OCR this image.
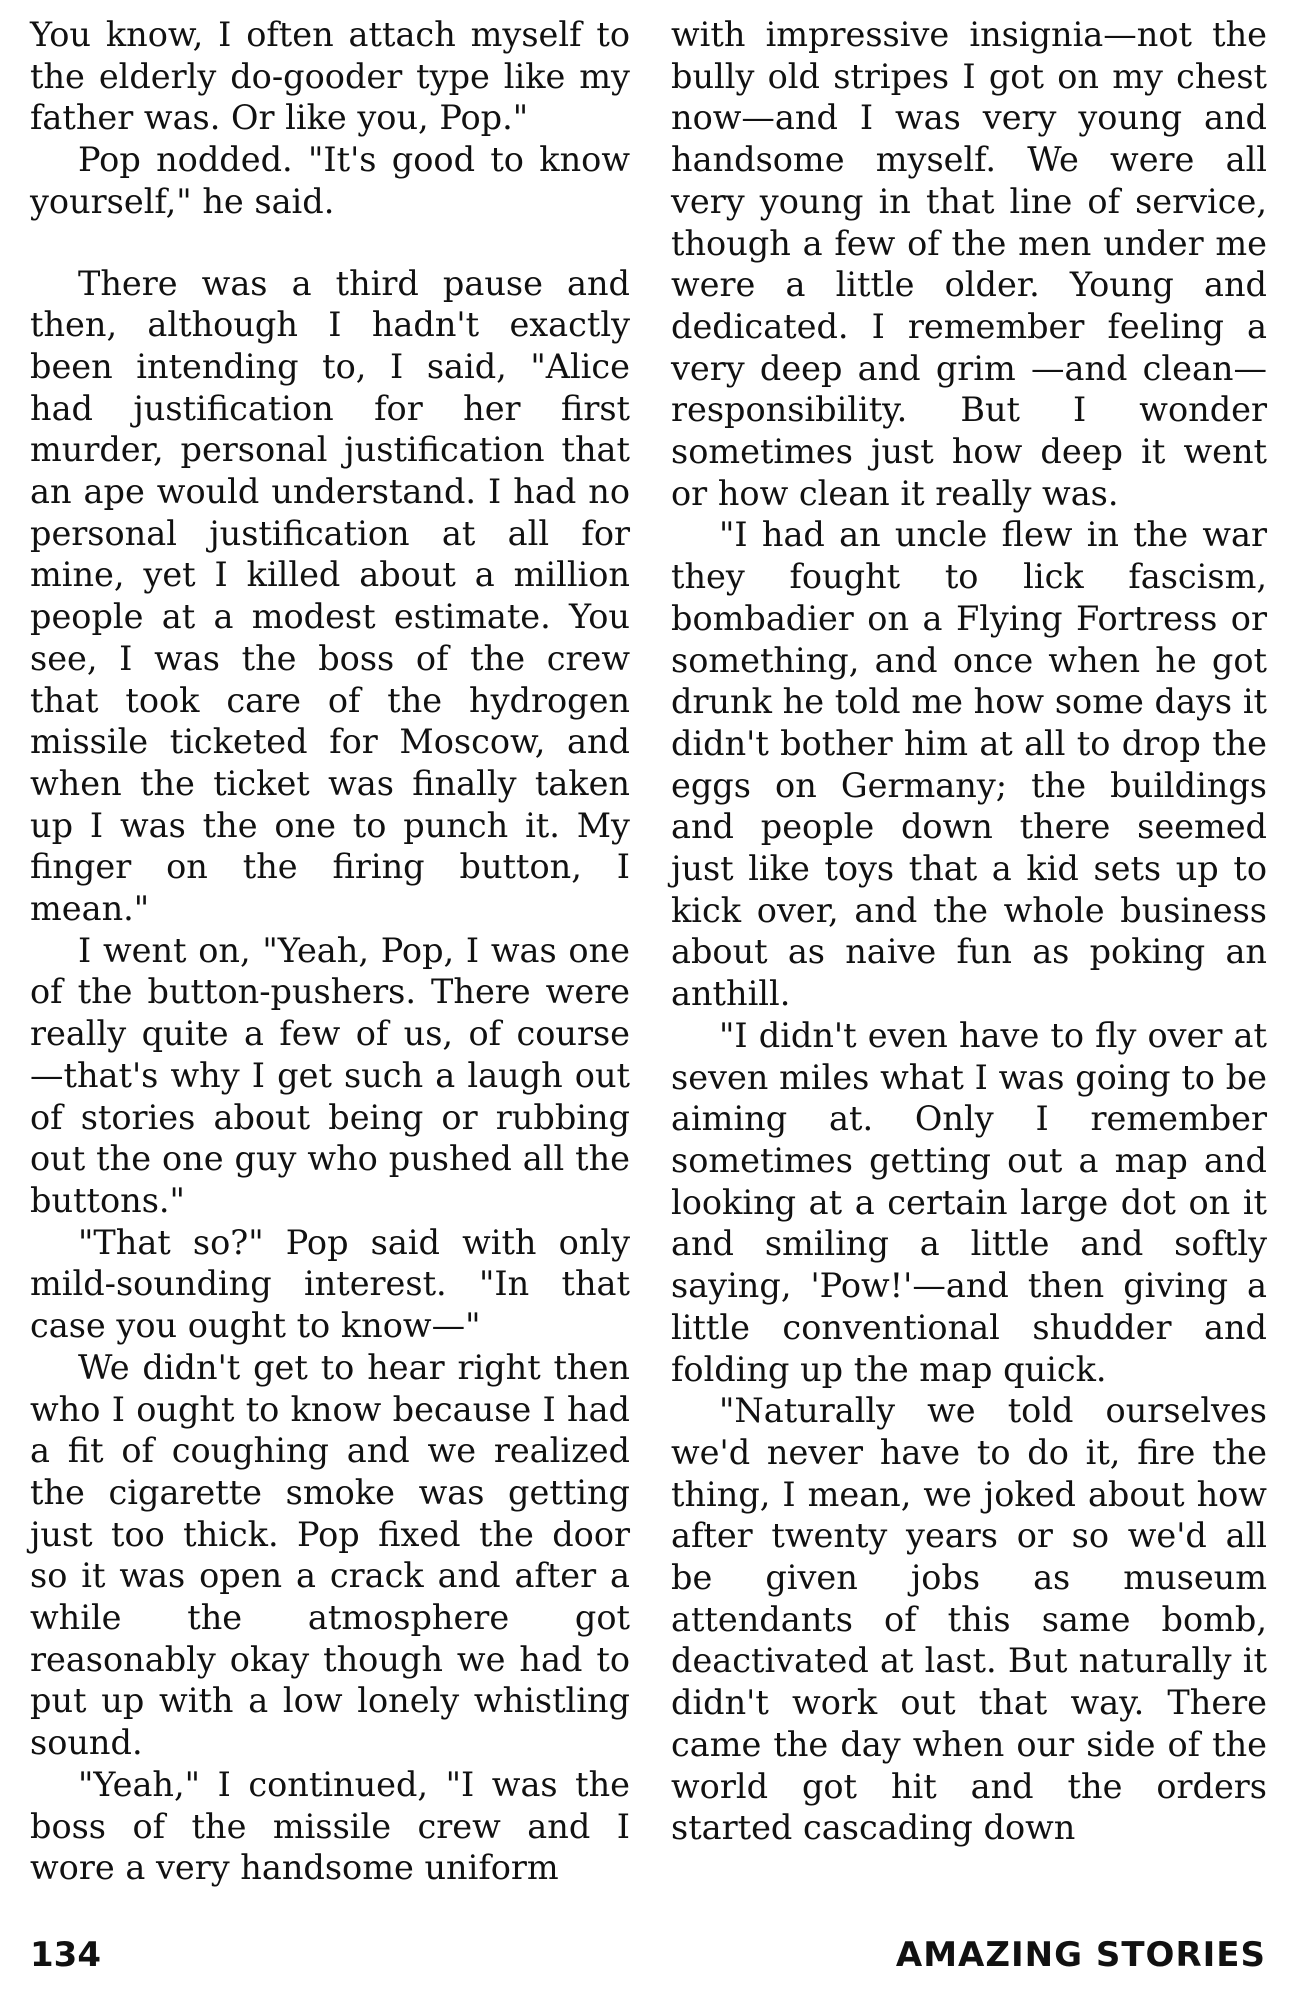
You know, I often attach myself to the elderly do-gooder type like my father was. Or like you, Pop."

Pop nodded. "It's good to know yourself," he said.

There was a third pause and then, although I hadn't exactly been intending to, I said, "Alice had justification for her first murder, personal justification that an ape would understand. I had no personal justification at all for mine, yet I killed about a million people at a modest estimate. You see, I was the boss of the crew that took care of the hydrogen missile ticketed for Moscow, and when the ticket was finally taken up I was the one to punch it. My finger on the firing button, I mean."

I went on, "Yeah, Pop, I was one of the button-pushers. There were really quite a few of us, of course—that's why I get such a laugh out of stories about being or rubbing out the one guy who pushed all the buttons."

"That so?" Pop said with only mild-sounding interest. "In that case you ought to know—"

We didn't get to hear right then who I ought to know because I had a fit of coughing and we realized the cigarette smoke was getting just too thick. Pop fixed the door so it was open a crack and after a while the atmosphere got reasonably okay though we had to put up with a low lonely whistling sound.

"Yeah," I continued, "I was the boss of the missile crew and I wore a very handsome uniform

with impressive insignia—not the bully old stripes I got on my chest now—and I was very young and handsome myself. We were all very young in that line of service, though a few of the men under me were a little older. Young and dedicated. I remember feeling a very deep and grim —and clean—responsibility. But I wonder sometimes just how deep it went or how clean it really was.

"I had an uncle flew in the war they fought to lick fascism, bombadier on a Flying Fortress or something, and once when he got drunk he told me how some days it didn't bother him at all to drop the eggs on Germany; the buildings and people down there seemed just like toys that a kid sets up to kick over, and the whole business about as naive fun as poking an anthill.

"I didn't even have to fly over at seven miles what I was going to be aiming at. Only I remember sometimes getting out a map and looking at a certain large dot on it and smiling a little and softly saying, 'Pow!'—and then giving a little conventional shudder and folding up the map quick.

"Naturally we told ourselves we'd never have to do it, fire the thing, I mean, we joked about how after twenty years or so we'd all be given jobs as museum attendants of this same bomb, deactivated at last. But naturally it didn't work out that way. There came the day when our side of the world got hit and the orders started cascading down

134	AMAZING STORIES
